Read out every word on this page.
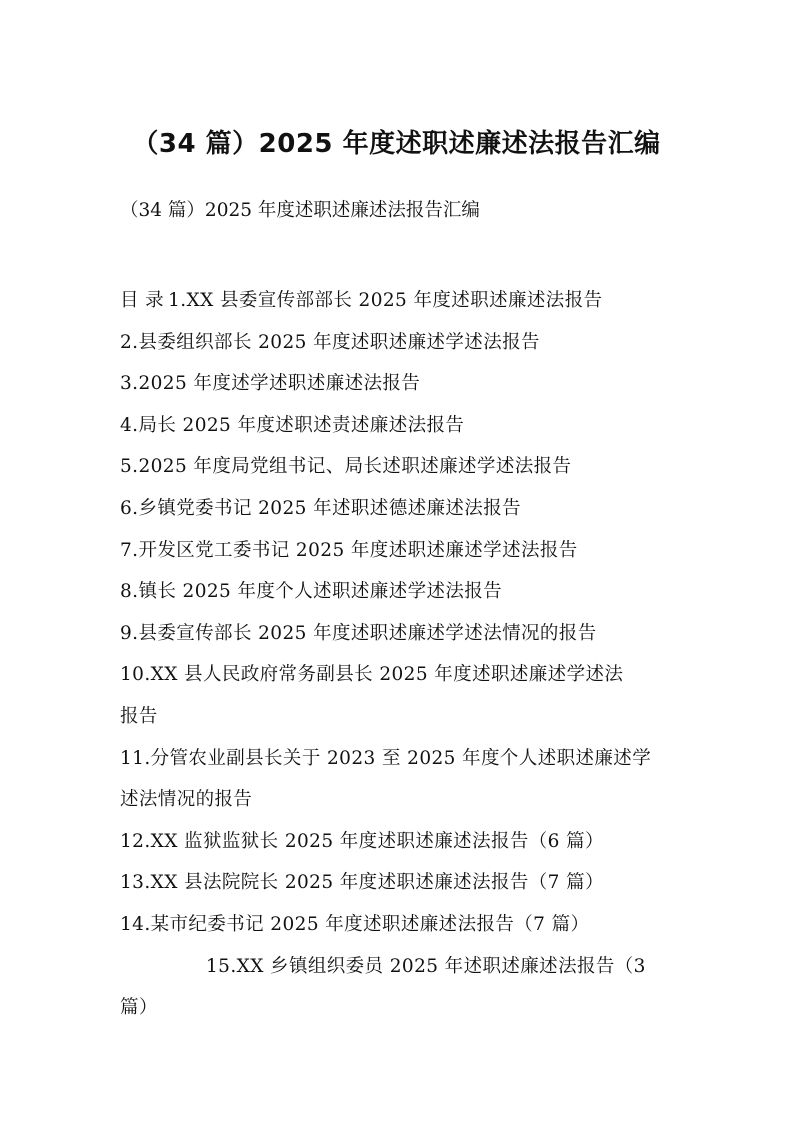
（34 篇）2025 年度述职述廉述法报告汇编
（34 篇）2025 年度述职述廉述法报告汇编
目 录 1.XX 县委宣传部部长 2025 年度述职述廉述法报告
2.县委组织部长 2025 年度述职述廉述学述法报告
3.2025 年度述学述职述廉述法报告
4.局长 2025 年度述职述责述廉述法报告
5.2025 年度局党组书记、局长述职述廉述学述法报告
6.乡镇党委书记 2025 年述职述德述廉述法报告
7.开发区党工委书记 2025 年度述职述廉述学述法报告
8.镇长 2025 年度个人述职述廉述学述法报告
9.县委宣传部长 2025 年度述职述廉述学述法情况的报告
10.XX 县人民政府常务副县长 2025 年度述职述廉述学述法
报告
11.分管农业副县长关于 2023 至 2025 年度个人述职述廉述学
述法情况的报告
12.XX 监狱监狱长 2025 年度述职述廉述法报告（6 篇）
13.XX 县法院院长 2025 年度述职述廉述法报告（7 篇）
14.某市纪委书记 2025 年度述职述廉述法报告（7 篇）
15.XX 乡镇组织委员 2025 年述职述廉述法报告（3
篇）
